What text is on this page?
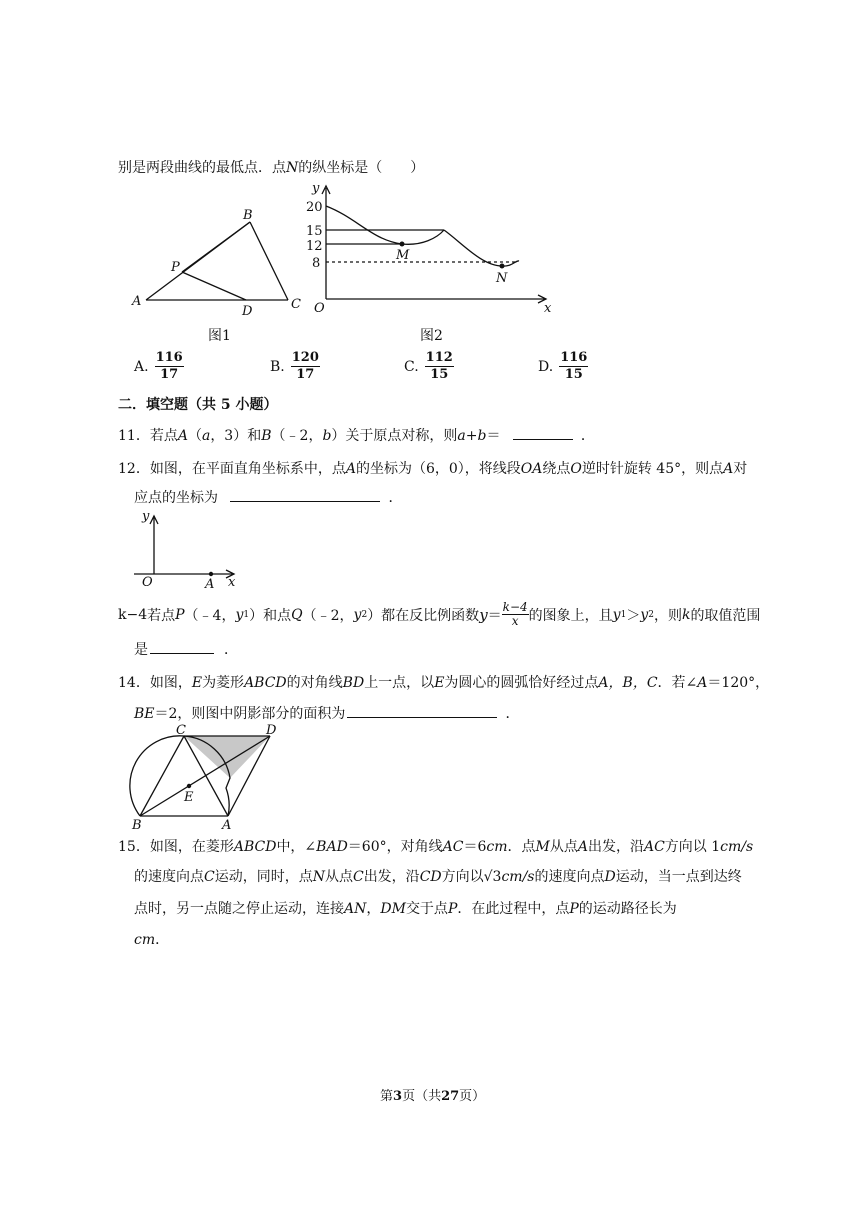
别是两段曲线的最低点．点N的纵坐标是（　　）
A
B
C
D
P
图1
20
15
12
8
y
O	x
M
N
图2
A. $\frac{116}{17}$	B. $\frac{120}{17}$	C. $\frac{112}{15}$	D. $\frac{116}{15}$
二．填空题（共 5 小题）
11．若点A（a，3）和B（﹣2，b）关于原点对称，则a+b＝	．
12．如图，在平面直角坐标系中，点A的坐标为（6，0），将线段OA绕点O逆时针旋转 45°，则点A对
应点的坐标为	．
y
O	x
A
k−4 若点 P （﹣4， y 1 ）和点 Q （﹣2， y 2 ）都在反比例函数 $y = \frac{k-4}{x}$ 的图象上，且 y 1 ＞ y 2 ，则 k 的取值范围
是	．
14．如图，E为菱形ABCD的对角线BD上一点，以E为圆心的圆弧恰好经过点A，B，C．若∠A＝120°，
BE＝2，则图中阴影部分的面积为	．
B
C	D
A
E
15．如图，在菱形ABCD中，∠BAD＝60°，对角线AC＝6cm．点M从点A出发，沿AC方向以 1cm/s
的速度向点C运动，同时，点N从点C出发，沿CD方向以√3cm/s的速度向点D运动，当一点到达终
点时，另一点随之停止运动，连接AN，DM交于点P．在此过程中，点P的运动路径长为
cm．
第3页（共27页）
